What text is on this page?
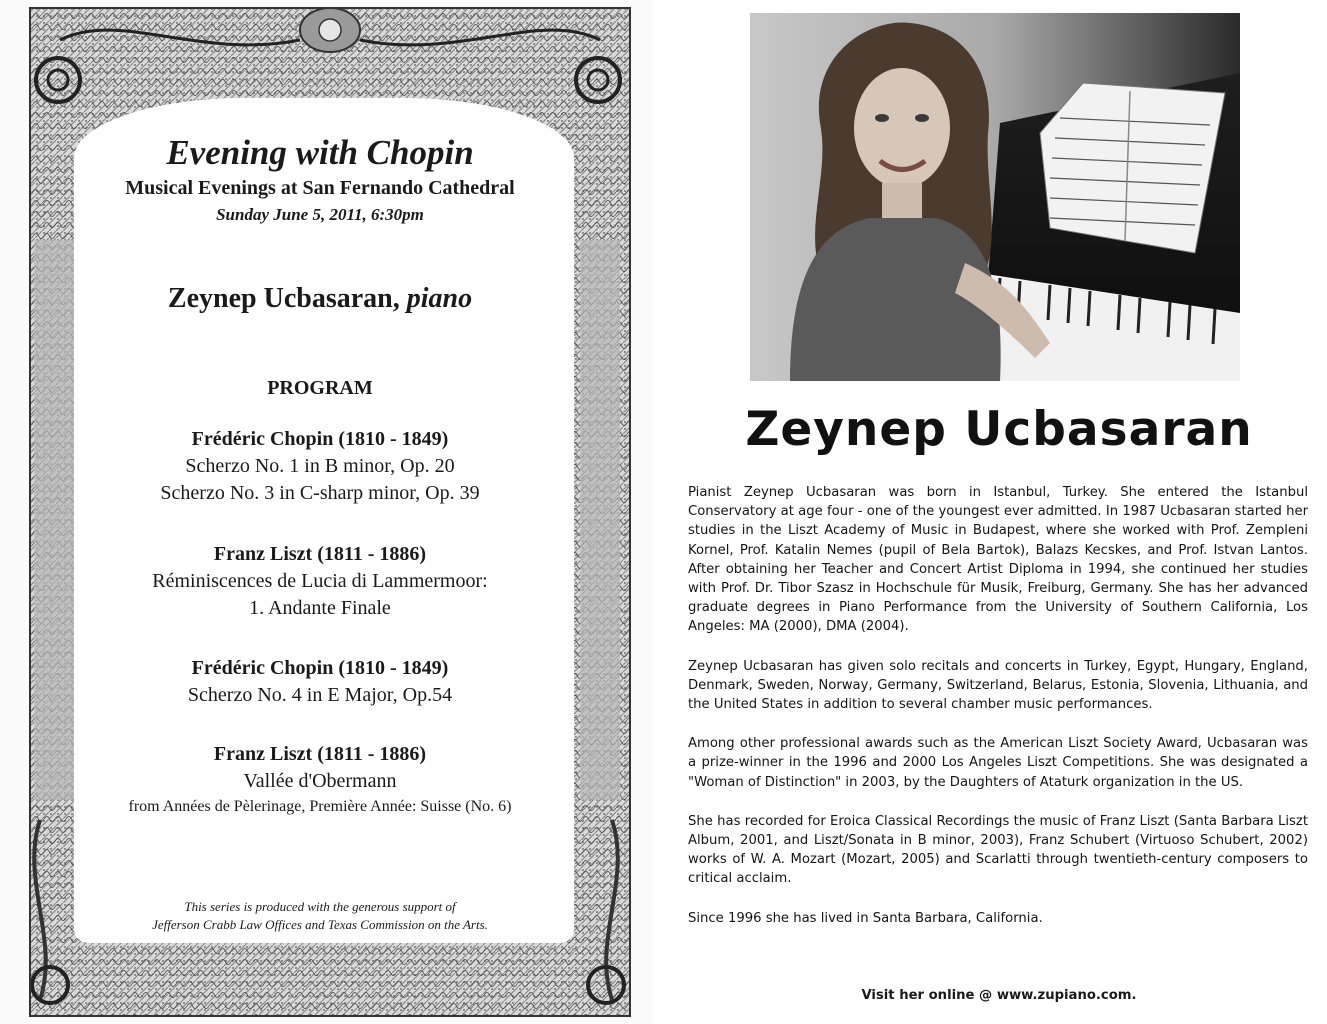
Evening with Chopin
Musical Evenings at San Fernando Cathedral
Sunday June 5, 2011, 6:30pm
Zeynep Ucbasaran, piano
PROGRAM
Frédéric Chopin (1810 - 1849)
Scherzo No. 1 in B minor, Op. 20
Scherzo No. 3 in C-sharp minor, Op. 39
Franz Liszt (1811 - 1886)
Réminiscences de Lucia di Lammermoor:
1. Andante Finale
Frédéric Chopin (1810 - 1849)
Scherzo No. 4 in E Major, Op.54
Franz Liszt (1811 - 1886)
Vallée d'Obermann
from Années de Pèlerinage, Première Année: Suisse (No. 6)
This series is produced with the generous support of
Jefferson Crabb Law Offices and Texas Commission on the Arts.
Zeynep Ucbasaran

Pianist Zeynep Ucbasaran was born in Istanbul, Turkey. She entered the Istanbul Conservatory at age four - one of the youngest ever admitted. In 1987 Ucbasaran started her studies in the Liszt Academy of Music in Budapest, where she worked with Prof. Zempleni Kornel, Prof. Katalin Nemes (pupil of Bela Bartok), Balazs Kecskes, and Prof. Istvan Lantos. After obtaining her Teacher and Concert Artist Diploma in 1994, she continued her studies with Prof. Dr. Tibor Szasz in Hochschule für Musik, Freiburg, Germany. She has her advanced graduate degrees in Piano Performance from the University of Southern California, Los Angeles: MA (2000), DMA (2004).

Zeynep Ucbasaran has given solo recitals and concerts in Turkey, Egypt, Hungary, England, Denmark, Sweden, Norway, Germany, Switzerland, Belarus, Estonia, Slovenia, Lithuania, and the United States in addition to several chamber music performances.

Among other professional awards such as the American Liszt Society Award, Ucbasaran was a prize-winner in the 1996 and 2000 Los Angeles Liszt Competitions. She was designated a "Woman of Distinction" in 2003, by the Daughters of Ataturk organization in the US.

She has recorded for Eroica Classical Recordings the music of Franz Liszt (Santa Barbara Liszt Album, 2001, and Liszt/Sonata in B minor, 2003), Franz Schubert (Virtuoso Schubert, 2002) works of W. A. Mozart (Mozart, 2005) and Scarlatti through twentieth-century composers to critical acclaim.

Since 1996 she has lived in Santa Barbara, California.

Visit her online @ www.zupiano.com.
